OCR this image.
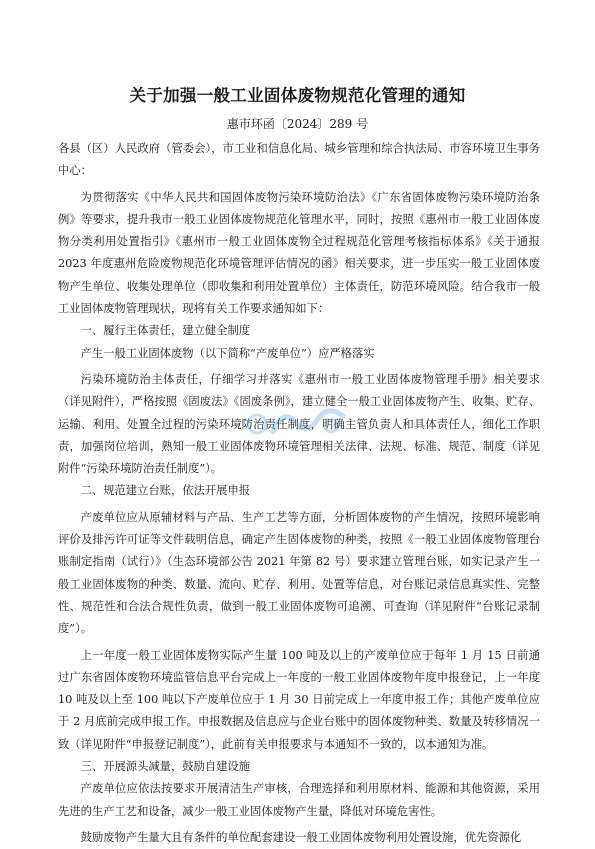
关于加强一般工业固体废物规范化管理的通知
惠市环函〔2024〕289 号

各县（区）人民政府（管委会），市工业和信息化局、城乡管理和综合执法局、市容环境卫生事务中心：

为贯彻落实《中华人民共和国固体废物污染环境防治法》《广东省固体废物污染环境防治条例》等要求，提升我市一般工业固体废物规范化管理水平，同时，按照《惠州市一般工业固体废物分类利用处置指引》《惠州市一般工业固体废物全过程规范化管理考核指标体系》《关于通报 2023 年度惠州危险废物规范化环境管理评估情况的函》相关要求，进一步压实一般工业固体废物产生单位、收集处理单位（即收集和利用处置单位）主体责任，防范环境风险。结合我市一般工业固体废物管理现状，现将有关工作要求通知如下：

一、履行主体责任，建立健全制度

产生一般工业固体废物（以下简称“产废单位”）应严格落实

污染环境防治主体责任，仔细学习并落实《惠州市一般工业固体废物管理手册》相关要求（详见附件），严格按照《固废法》《固废条例》，建立健全一般工业固体废物产生、收集、贮存、运输、利用、处置全过程的污染环境防治责任制度，明确主管负责人和具体责任人，细化工作职责，加强岗位培训，熟知一般工业固体废物环境管理相关法律、法规、标准、规范、制度（详见附件“污染环境防治责任制度”）。

二、规范建立台账，依法开展申报

产废单位应从原辅材料与产品、生产工艺等方面，分析固体废物的产生情况，按照环境影响评价及排污许可证等文件载明信息，确定产生固体废物的种类，按照《一般工业固体废物管理台账制定指南（试行）》（生态环境部公告 2021 年第 82 号）要求建立管理台账，如实记录产生一般工业固体废物的种类、数量、流向、贮存、利用、处置等信息，对台账记录信息真实性、完整性、规范性和合法合规性负责，做到一般工业固体废物可追溯、可查询（详见附件“台账记录制度”）。

上一年度一般工业固体废物实际产生量 100 吨及以上的产废单位应于每年 1 月 15 日前通过广东省固体废物环境监管信息平台完成上一年度的一般工业固体废物年度申报登记，上一年度 10 吨及以上至 100 吨以下产废单位应于 1 月 30 日前完成上一年度申报工作；其他产废单位应于 2 月底前完成申报工作。申报数据及信息应与企业台账中的固体废物种类、数量及转移情况一致（详见附件“申报登记制度”），此前有关申报要求与本通知不一致的，以本通知为准。

三、开展源头减量，鼓励自建设施

产废单位应依法按要求开展清洁生产审核，合理选择和利用原材料、能源和其他资源，采用先进的生产工艺和设备，减少一般工业固体废物产生量，降低对环境危害性。

鼓励废物产生量大且有条件的单位配套建设一般工业固体废物利用处置设施，优先资源化
